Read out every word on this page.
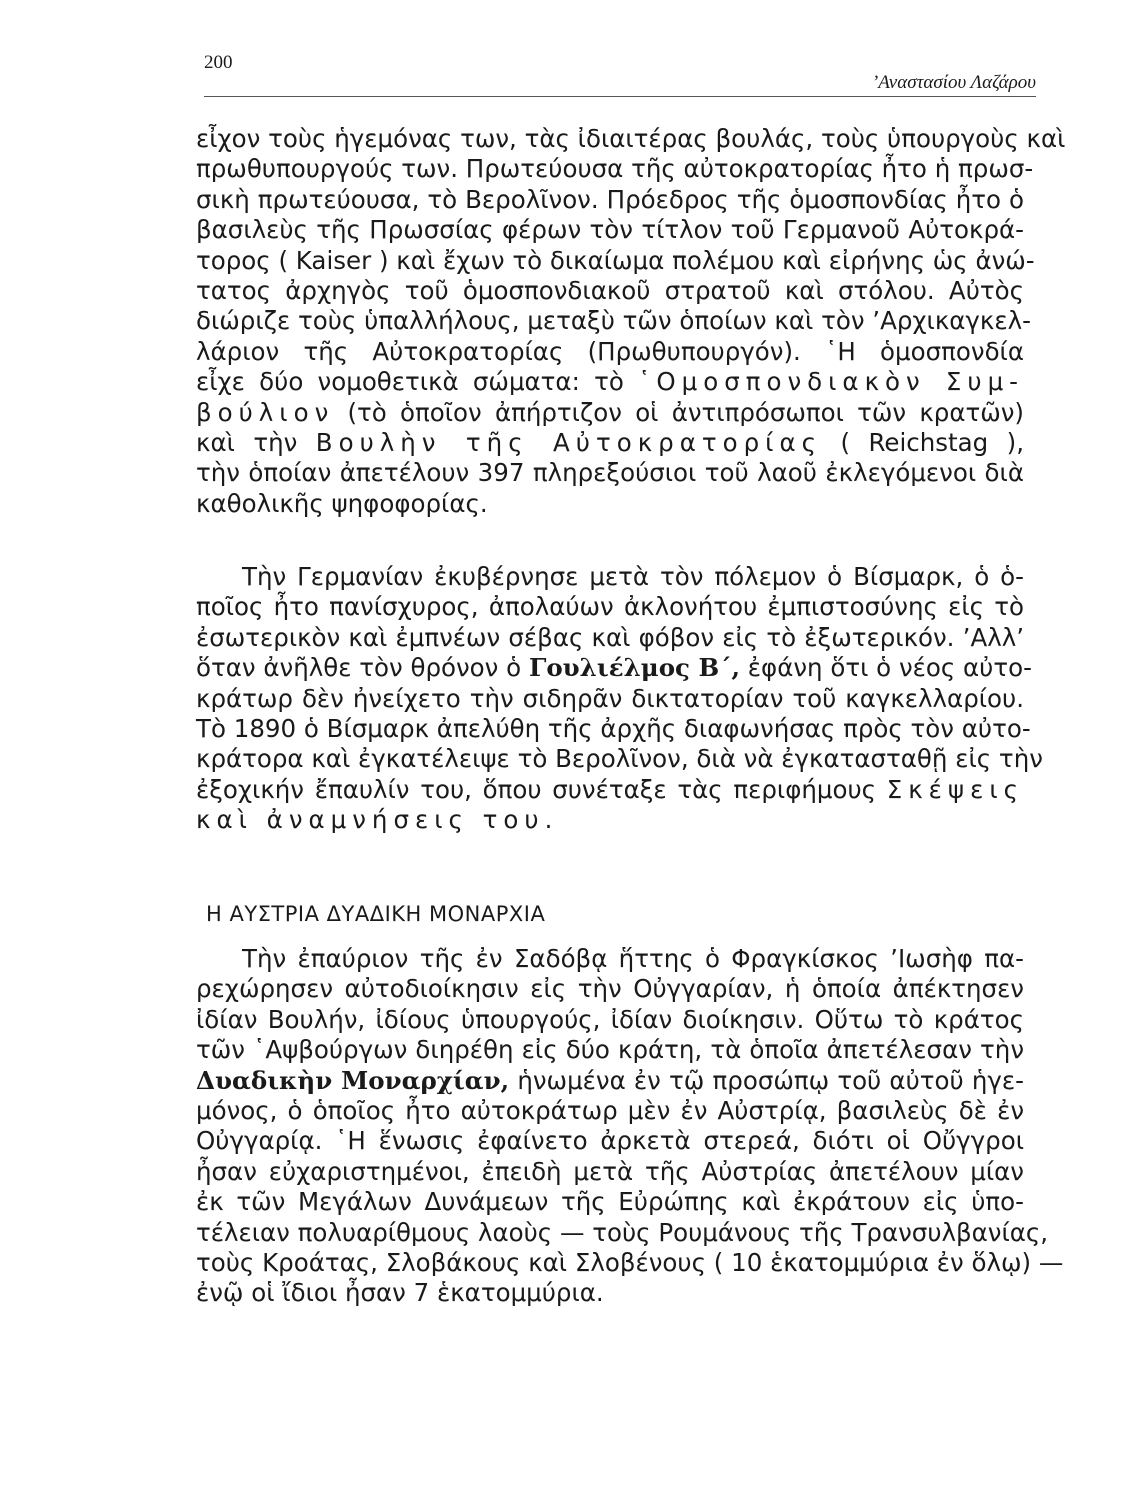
200
’Αναστασίου Λαζάρου
εἶχον τοὺς ἡγεμόνας των, τὰς ἰδιαιτέρας βουλάς, τοὺς ὑπουργοὺς καὶ
πρωθυπουργούς των. Πρωτεύουσα τῆς αὐτοκρατορίας ἦτο ἡ πρωσ-
σικὴ πρωτεύουσα, τὸ Βερολῖνον. Πρόεδρος τῆς ὁμοσπονδίας ἦτο ὁ
βασιλεὺς τῆς Πρωσσίας φέρων τὸν τίτλον τοῦ Γερμανοῦ Αὐτοκρά-
τορος ( Kaiser ) καὶ ἔχων τὸ δικαίωμα πολέμου καὶ εἰρήνης ὡς ἀνώ-
τατος ἀρχηγὸς τοῦ ὁμοσπονδιακοῦ στρατοῦ καὶ στόλου. Αὐτὸς
διώριζε τοὺς ὑπαλλήλους, μεταξὺ τῶν ὁποίων καὶ τὸν ’Αρχικαγκελ-
λάριον τῆς Αὐτοκρατορίας (Πρωθυπουργόν). ῾Η ὁμοσπονδία
εἶχε δύο νομοθετικὰ σώματα: τὸ ῾Ομοσπονδιακὸν Συμ-
βούλιον (τὸ ὁποῖον ἀπήρτιζον οἱ ἀντιπρόσωποι τῶν κρατῶν)
καὶ τὴν Βουλὴν τῆς Αὐτοκρατορίας ( Reichstag ),
τὴν ὁποίαν ἀπετέλουν 397 πληρεξούσιοι τοῦ λαοῦ ἐκλεγόμενοι διὰ
καθολικῆς ψηφοφορίας.
Τὴν Γερμανίαν ἐκυβέρνησε μετὰ τὸν πόλεμον ὁ Βίσμαρκ, ὁ ὁ-
ποῖος ἦτο πανίσχυρος, ἀπολαύων ἀκλονήτου ἐμπιστοσύνης εἰς τὸ
ἐσωτερικὸν καὶ ἐμπνέων σέβας καὶ φόβον εἰς τὸ ἐξωτερικόν. ’Αλλ’
ὅταν ἀνῆλθε τὸν θρόνον ὁ Γουλιέλμος Β΄, ἐφάνη ὅτι ὁ νέος αὐτο-
κράτωρ δὲν ἠνείχετο τὴν σιδηρᾶν δικτατορίαν τοῦ καγκελλαρίου.
Τὸ 1890 ὁ Βίσμαρκ ἀπελύθη τῆς ἀρχῆς διαφωνήσας πρὸς τὸν αὐτο-
κράτορα καὶ ἐγκατέλειψε τὸ Βερολῖνον, διὰ νὰ ἐγκατασταθῇ εἰς τὴν
ἐξοχικήν ἔπαυλίν του, ὅπου συνέταξε τὰς περιφήμους Σκέψεις
καὶ ἀναμνήσεις του.
Η ΑΥΣΤΡΙΑ ΔΥΑΔΙΚΗ ΜΟΝΑΡΧΙΑ
Τὴν ἐπαύριον τῆς ἐν Σαδόβᾳ ἥττης ὁ Φραγκίσκος ’Ιωσὴφ πα-
ρεχώρησεν αὐτοδιοίκησιν εἰς τὴν Οὐγγαρίαν, ἡ ὁποία ἀπέκτησεν
ἰδίαν Βουλήν, ἰδίους ὑπουργούς, ἰδίαν διοίκησιν. Οὕτω τὸ κράτος
τῶν ῾Αψβούργων διηρέθη εἰς δύο κράτη, τὰ ὁποῖα ἀπετέλεσαν τὴν
Δυαδικὴν Μοναρχίαν, ἡνωμένα ἐν τῷ προσώπῳ τοῦ αὐτοῦ ἡγε-
μόνος, ὁ ὁποῖος ἦτο αὐτοκράτωρ μὲν ἐν Αὐστρίᾳ, βασιλεὺς δὲ ἐν
Οὐγγαρίᾳ. ῾Η ἕνωσις ἐφαίνετο ἀρκετὰ στερεά, διότι οἱ Οὔγγροι
ἦσαν εὐχαριστημένοι, ἐπειδὴ μετὰ τῆς Αὐστρίας ἀπετέλουν μίαν
ἐκ τῶν Μεγάλων Δυνάμεων τῆς Εὐρώπης καὶ ἐκράτουν εἰς ὑπο-
τέλειαν πολυαρίθμους λαοὺς — τοὺς Ρουμάνους τῆς Τρανσυλβανίας,
τοὺς Κροάτας, Σλοβάκους καὶ Σλοβένους ( 10 ἑκατομμύρια ἐν ὅλῳ) —
ἐνῷ οἱ ἴδιοι ἦσαν 7 ἑκατομμύρια.
